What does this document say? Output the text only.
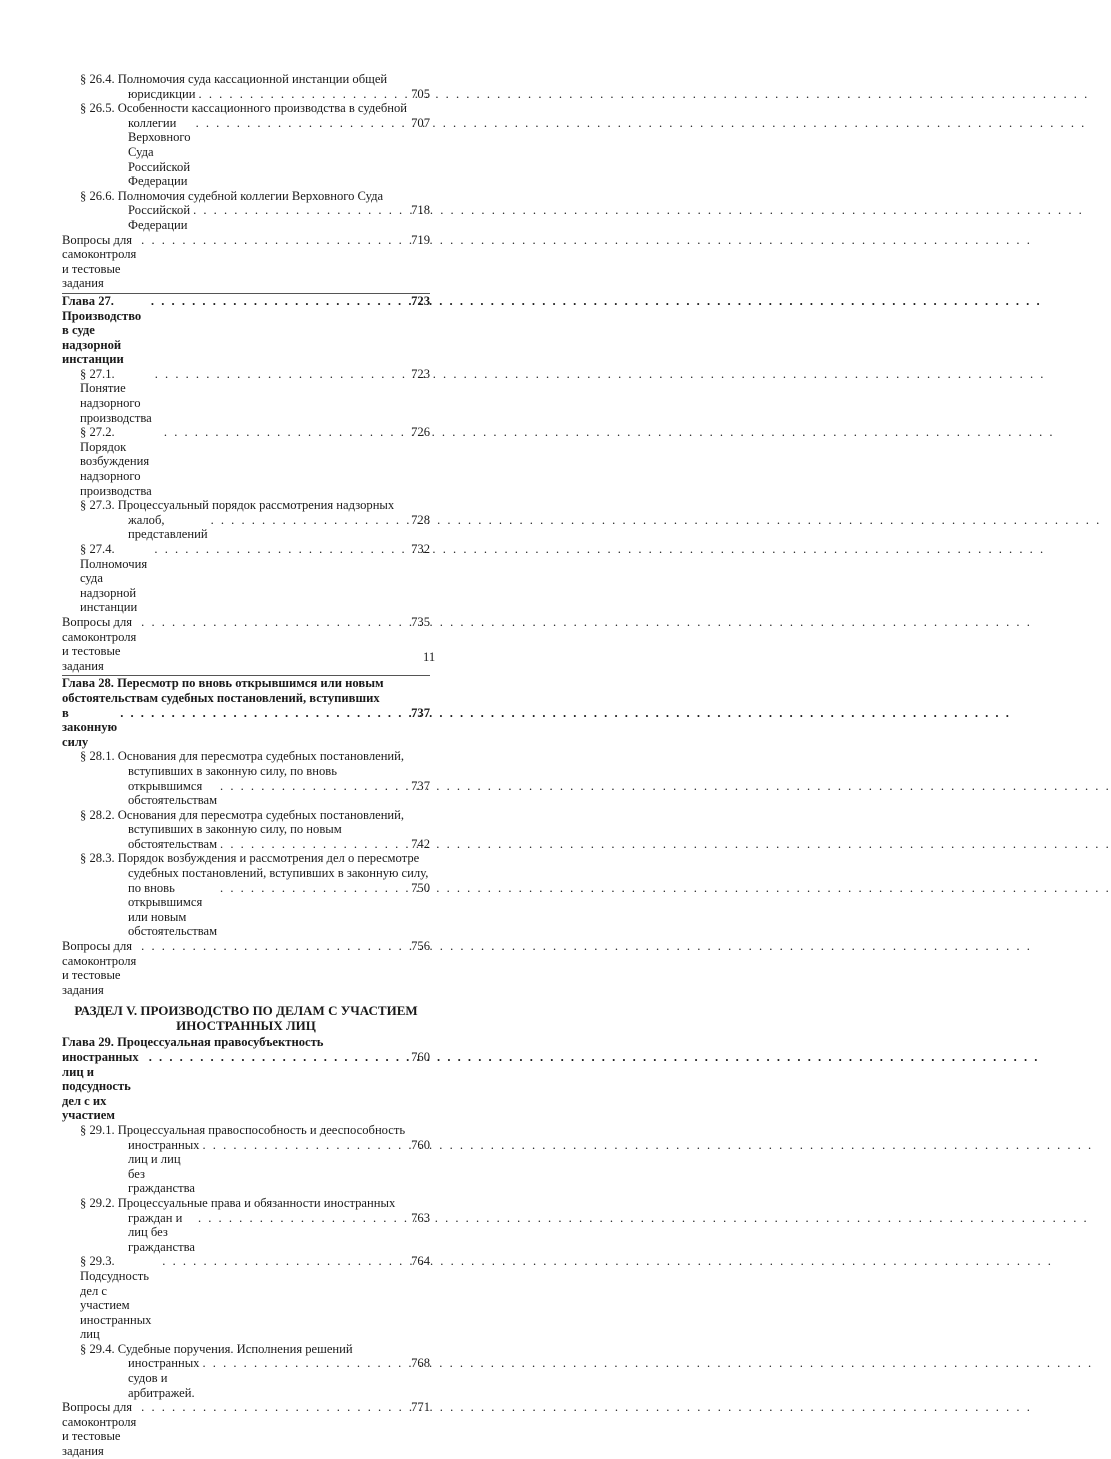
§ 26.4. Полномочия суда кассационной инстанции общей
юрисдикции . . .	705
§ 26.5. Особенности кассационного производства в судебной
коллегии Верховного Суда Российской Федерации
. . .
707
§ 26.6. Полномочия судебной коллегии Верховного Суда
Российской Федерации
. . .
718
Вопросы для самоконтроля и тестовые задания
. . .
719
Глава 27. Производство в суде надзорной инстанции
. . .
723
§ 27.1. Понятие надзорного производства
. . .
723
§ 27.2. Порядок возбуждения надзорного производства
. . .
726
§ 27.3. Процессуальный порядок рассмотрения надзорных
жалоб, представлений
. . .
728
§ 27.4. Полномочия суда надзорной инстанции
. . .
732
Вопросы для самоконтроля и тестовые задания
. . .
735
Глава 28. Пересмотр по вновь открывшимся или новым
обстоятельствам судебных постановлений, вступивших
в законную силу
. . .
737
§ 28.1. Основания для пересмотра судебных постановлений,
вступивших в законную силу, по вновь
открывшимся обстоятельствам
. . .
737
§ 28.2. Основания для пересмотра судебных постановлений,
вступивших в законную силу, по новым
обстоятельствам . . .	742
§ 28.3. Порядок возбуждения и рассмотрения дел о пересмотре
судебных постановлений, вступивших в законную силу,
по вновь открывшимся или новым обстоятельствам
. . .
750
Вопросы для самоконтроля и тестовые задания
. . .
756
РАЗДЕЛ V. ПРОИЗВОДСТВО ПО ДЕЛАМ С УЧАСТИЕМ
ИНОСТРАННЫХ ЛИЦ
Глава 29. Процессуальная правосубъектность
иностранных лиц и подсудность дел с их участием
. . .
760
§ 29.1. Процессуальная правоспособность и дееспособность
иностранных лиц и лиц без гражданства
. . .
760
§ 29.2. Процессуальные права и обязанности иностранных
граждан и лиц без гражданства
. . .
763
§ 29.3. Подсудность дел с участием иностранных лиц
. . .
764
§ 29.4. Судебные поручения. Исполнения решений
иностранных судов и арбитражей.
. . .
768
Вопросы для самоконтроля и тестовые задания
. . .
771
11
